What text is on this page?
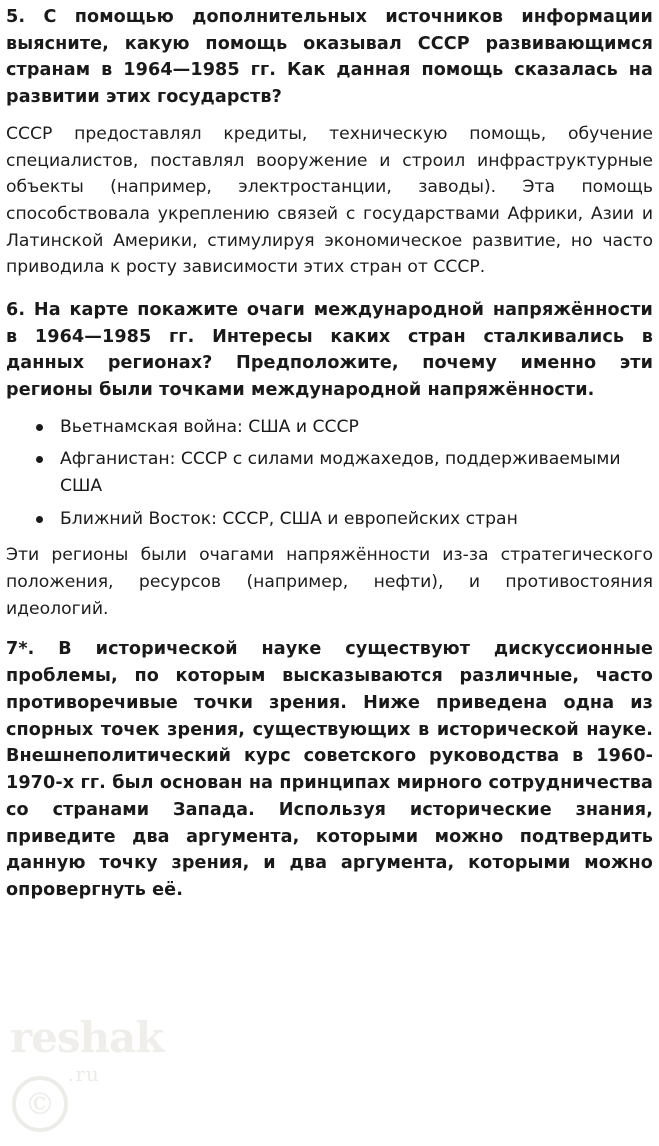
5. С помощью дополнительных источников информации выясните, какую помощь оказывал СССР развивающимся странам в 1964—1985 гг. Как данная помощь сказалась на развитии этих государств?

СССР предоставлял кредиты, техническую помощь, обучение специалистов, поставлял вооружение и строил инфраструктурные объекты (например, электростанции, заводы). Эта помощь способствовала укреплению связей с государствами Африки, Азии и Латинской Америки, стимулируя экономическое развитие, но часто приводила к росту зависимости этих стран от СССР.

6. На карте покажите очаги международной напряжённости в 1964—1985 гг. Интересы каких стран сталкивались в данных регионах? Предположите, почему именно эти регионы были точками международной напряжённости.

Вьетнамская война: США и СССР
Афганистан: СССР с силами моджахедов, поддерживаемыми США
Ближний Восток: СССР, США и европейских стран

Эти регионы были очагами напряжённости из-за стратегического положения, ресурсов (например, нефти), и противостояния идеологий.

7*. В исторической науке существуют дискуссионные проблемы, по которым высказываются различные, часто противоречивые точки зрения. Ниже приведена одна из спорных точек зрения, существующих в исторической науке. Внешнеполитический курс советского руководства в 1960-1970-х гг. был основан на принципах мирного сотрудничества со странами Запада. Используя исторические знания, приведите два аргумента, которыми можно подтвердить данную точку зрения, и два аргумента, которыми можно опровергнуть её.

reshak
.ru
©
